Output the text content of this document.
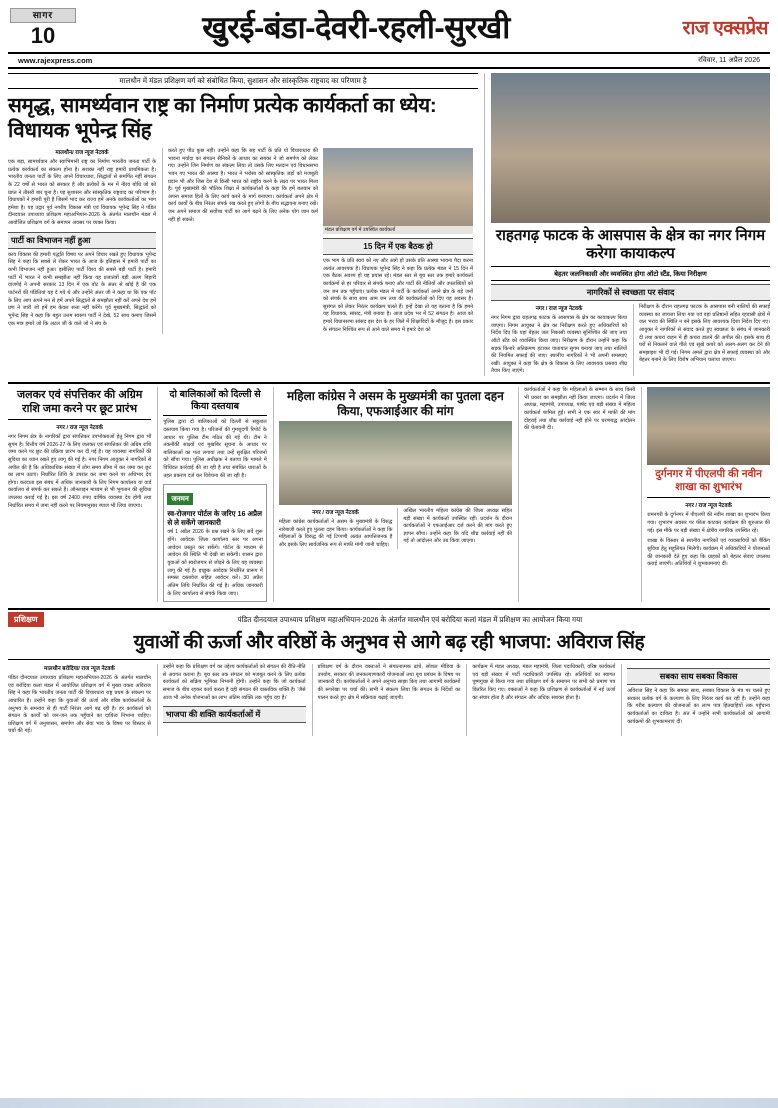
सागर
10	खुरई-बंडा-देवरी-रहली-सुरखी	राज एक्सप्रेस
www.rajexpress.com	रविवार, 11 अप्रैल 2026
मालथौन में मंडल प्रशिक्षण वर्ग को संबोधित किया, सुशासन और सांस्कृतिक राष्ट्रवाद का परिणाम है
समृद्ध, सामर्थ्यवान राष्ट्र का निर्माण प्रत्येक कार्यकर्ता का ध्येय: विधायक भूपेन्द्र सिंह
मालथौन/ राज न्यूज नेटवर्क
एक बड़ा, सामर्थ्यवान और स्वाभिमानी राष्ट्र का निर्माण भारतीय जनता पार्टी के प्रत्येक कार्यकर्ता का संकल्प होना है। सशक्त नहीं राष्ट्र हमारी प्राथमिकता है। भारतीय जनता पार्टी के लिए अपने विचारधारा, सिद्धांतों से समर्पित नहीं संगठन के 22 वर्षों से भारत को सरकार है और प्रत्येकों के मन में नीरव बोधि जो को प्राप्त ने तीसरी बार चुना है। यह सुशासन और सांस्कृतिक राष्ट्रवाद का परिणाम है। विधायकों ने हमारी पूरी है जिसमें भाद कर राज्य हमें अनके कार्यकर्ताओं का भाग हमेशा है। यह उद्गार पूर्व नगरीय विकास मंत्री एवं विधायक भूपेन्द्र सिंह ने पंडित दीनदयाल उपाध्याय प्रशिक्षण महाअभियान-2026 के अंतर्गत मालथौन मंडल में आयोजित प्रशिक्षण वर्ग के समापन अवसर पर व्यक्त किया।
पार्टी का विभाजन नहीं हुआ
काय विकास की हमारी पद्धति विषय पर अपने विचार रखते हुए विधायक भूपेन्द्र सिंह ने कहा कि सबसे ले रोकर भारत के आज के इतिहास में हमारी पार्टी का कभी विभाजन नहीं हुआ। इसीलिए पार्टी विश्व की सबसे बड़ी पार्टी है। हमारी पार्टी में भारत ने कभी समझौता नहीं किया यह प्रजातंत्रों बड़ी अलग बिहारी वाजपेई ने अपनी सरकार 13 दिन में एक वोट के अंतर से खोई है की एक पार्टनरों की पंडितियां यह दे गये थे और उन्होंने अंतर जी ने कहा था कि एक पॉट के लिए आप अपने मन से हमें अपने सिद्धांतों से समझौता नहीं करें अपने देश हमें प्रण ने जारी जो हमें हम केवल सत्ता नहीं करेंगे। पूर्व मुख्यमंत्री, सिद्धांतों को भूपेन्द्र सिंह ने कहा कि बहुत उत्तम स्वरूप पार्टी ने देखे, 52 साथ कमाए जिसमें एक मात्र हमारे जो कि अटल जी के वाले जो ने संघ के
करते हुए पीठ कुछ नहीं। उन्होंने कहा कि सह पार्टी के प्रति यो विचाराधारा की भावना मर्यादा का संगठन सैनिकों के आधार का सबका ने जो समर्पण को लेकर गए। उन्होंने जिन निर्माण का संकल्प लिया तो उसके लिए मतदान एवं विधानसभा भवन गए भारत की आस्था है। भारत ने भरोसा को सांस्कृतिक जड़ों को मजबूती प्रदान भी और जिस देश से किसी भारत को राष्ट्रीय करने के लक्ष्य पर भारत मिला है। पूर्व मुख्यमंत्री की भौतिक शिक्षा में कार्यकर्ताओं के कहा कि हमें बलवान को अपना समाज हितों के लिए कार्य करने के मार्ग बनाएगा। कार्यकर्ता अपने क्षेत्र में कार्य कार्यों के बीच निरंतर संपर्क रख करते हुए लोगों के बीच सद्भावना बनाए रखें। जन अपने समाज की सर्वोच्च पार्टी का आगे बढ़ने के लिए अनेक योग जान कर्म नहीं हो सकते।
मंडल प्रशिक्षण वर्ग में उपस्थित कार्यकर्ता
15 दिन में एक बैठक हो
एक भाग के प्रति स्वयं को नए और आगे हो उसके प्रति आस्था भावना पैदा करना अत्यंत आवश्यक है। विधायक भूपेन्द्र सिंह ने कहा कि प्रत्येक मंडल ने 15 दिन में एक बैठक अवश्य हो यह प्रयास रहे। मंडल स्तर से बूथ स्तर तक हमारे कार्यकर्ता कार्यक्रमों से हर परिवार से संपर्क बनाएं और पार्टी की नीतियों और उपलब्धियों को जन जन तक पहुँचाएं। प्रत्येक मंडल में पार्टी के कार्यकर्ता अपने क्षेत्र के बड़े जनों को संपर्क के साथ साथ आम जन तथा की कार्यकर्ताओं को दिए यह अवसर है। सुसंगत को लेकर निरंतर कार्यक्रम चलते हैं। इन्हें देखा तो यह बताना है कि हमने यह विधायक, सांसद, मंत्री बनाया है। आज प्रदेश भर में 52 संगठन है। आज को हमारे विधानसभा सांसद इस देश के हर जिले में शिक्षाविदों के मौजूद है। इस प्रकार के संगठन निश्चित रूप से आने वाले समय में हमारे देश को
राहतगढ़ फाटक के आसपास के क्षेत्र का नगर निगम करेगा कायाकल्प
बेहतर जलनिकासी और व्यवस्थित होगा ऑटो स्टैंड, किया निरीक्षण
नागरिकों से स्वच्छता पर संवाद
नगर / राज न्यूज नेटवर्क
नगर निगम द्वारा राहतगढ़ फाटक के आसपास के क्षेत्र का कायाकल्प किया जाएगा। निगम आयुक्त ने क्षेत्र का निरीक्षण करते हुए अधिकारियों को निर्देश दिए कि यहां बेहतर जल निकासी व्यवस्था सुनिश्चित की जाए तथा ऑटो स्टैंड को व्यवस्थित किया जाए। निरीक्षण के दौरान उन्होंने कहा कि सड़क किनारे अतिक्रमण हटाकर यातायात सुगम बनाया जाए तथा नालियों की नियमित सफाई की जाए। स्थानीय नागरिकों ने भी अपनी समस्याएं रखीं। आयुक्त ने कहा कि क्षेत्र के विकास के लिए आवश्यक प्रस्ताव शीघ्र तैयार किए जाएंगे।
निरीक्षण के दौरान राहतगढ़ फाटक के आसपास बनी नालियों की सफाई व्यवस्था का जायजा लिया गया एवं वहां प्रतिष्ठानों सहित रहवासी क्षेत्रों में जल भराव की स्थिति न बने इसके लिए आवश्यक दिशा निर्देश दिए गए। आयुक्त ने नागरिकों से संवाद करते हुए स्वच्छता के संबंध में जानकारी दी तथा कचरा वाहन में ही कचरा डालने की अपील की। इसके साथ ही घरों से निकलने वाले गीले एवं सूखे कचरे को अलग-अलग कर देने की समझाइश भी दी गई। निगम अमले द्वारा क्षेत्र में सफाई व्यवस्था को और बेहतर बनाने के लिए विशेष अभियान चलाया जाएगा।
जलकर एवं संपत्तिकर की अग्रिम राशि जमा करने पर छूट प्रारंभ
नगर / राज न्यूज नेटवर्क
नगर निगम क्षेत्र के नागरिकों द्वारा संपत्तिकर उपभोक्ताओं हेतु निगम द्वारा भी सुगम है। वित्तीय वर्ष 2026-27 के लिए जलकर एवं संपत्तिकर की अग्रिम राशि जमा करने पर छूट की प्रक्रिया प्रारंभ कर दी गई है। यह व्यवस्था नागरिकों की सुविधा का ध्यान रखते हुए लागू की गई है। नगर निगम आयुक्त ने नागरिकों से अपील की है कि अधिकाधिक संख्या में लोग समय सीमा में कर जमा कर छूट का लाभ उठाएं। निर्धारित तिथि के उपरांत कर जमा करने पर अधिभार देय होगा। करदाता इस संबंध में अधिक जानकारी के लिए निगम कार्यालय या वार्ड कार्यालय से संपर्क कर सकते हैं। ऑनलाइन माध्यम से भी भुगतान की सुविधा उपलब्ध कराई गई है। इस वर्ष 2400 रुपए वार्षिक व्यवस्था देय होगी तथा निर्धारित समय में जमा नहीं करने पर नियमानुसार ब्याज भी लिया जाएगा।
दो बालिकाओं को दिल्ली से किया दस्तयाब
पुलिस द्वारा दो बालिकाओं को दिल्ली से सकुशल दस्तयाब किया गया है। परिजनों की गुमशुदगी रिपोर्ट के आधार पर पुलिस टीम गठित की गई थी। टीम ने तकनीकी साक्ष्यों एवं मुखबिर सूचना के आधार पर बालिकाओं का पता लगाया तथा उन्हें सुरक्षित परिजनों को सौंपा गया। पुलिस अधीक्षक ने बताया कि मामले में विधिवत कार्रवाई की जा रही है तथा संबंधित धाराओं के तहत प्रकरण दर्ज कर विवेचना की जा रही है।
जनमन
स्व-रोजगार पोर्टल के जरिए 16 अप्रैल से ले सकेंगे जानकारी
वर्ष 1 अप्रैल 2026 के प्रश्न रखने के लिए सर्वे शुरू होंगे। आवेदक जिला कार्यालय स्तर पर अपना आवेदन प्रस्तुत कर सकेंगे। पोर्टल के माध्यम से आवेदन की स्थिति भी देखी जा सकेगी। शासन द्वारा युवाओं को स्वरोजगार से जोड़ने के लिए यह व्यवस्था लागू की गई है। इच्छुक आवेदक निर्धारित प्रारूप में समस्त दस्तावेज सहित आवेदन करें। 30 अप्रैल अंतिम तिथि निर्धारित की गई है। अधिक जानकारी के लिए कार्यालय से संपर्क किया जाए।
महिला कांग्रेस ने असम के मुख्यमंत्री का पुतला दहन किया, एफआईआर की मांग
नगर / राज न्यूज नेटवर्क
महिला कांग्रेस कार्यकर्ताओं ने असम के मुख्यमंत्री के विरुद्ध नारेबाजी करते हुए पुतला दहन किया। कार्यकर्ताओं ने कहा कि महिलाओं के विरुद्ध की गई टिप्पणी अत्यंत आपत्तिजनक है और इसके लिए सार्वजनिक रूप से माफी मांगी जानी चाहिए।
अखिल भारतीय महिला कांग्रेस की जिला अध्यक्ष सहित बड़ी संख्या में कार्यकर्ता उपस्थित रहीं। प्रदर्शन के दौरान कार्यकर्ताओं ने एफआईआर दर्ज करने की मांग करते हुए ज्ञापन सौंपा। उन्होंने कहा कि यदि शीघ्र कार्रवाई नहीं की गई तो आंदोलन और उग्र किया जाएगा।
कार्यकर्ताओं ने कहा कि महिलाओं के सम्मान के साथ किसी भी प्रकार का समझौता नहीं किया जाएगा। प्रदर्शन में जिला अध्यक्ष, महामंत्री, उपाध्यक्ष, पार्षद एवं बड़ी संख्या में महिला कार्यकर्ता शामिल हुईं। सभी ने एक स्वर में माफी की मांग दोहराई तथा शीघ्र कार्रवाई नहीं होने पर चरणबद्ध आंदोलन की चेतावनी दी।
दुर्गनगर में पीएलपी की नवीन शाखा का शुभारंभ
नगर / राज न्यूज नेटवर्क
रामनगरी के दुर्गनगर में पीएलपी की नवीन शाखा का शुभारंभ किया गया। शुभारंभ अवसर पर फीता काटकर कार्यक्रम की शुरुआत की गई। इस मौके पर बड़ी संख्या में क्षेत्रीय नागरिक उपस्थित रहे।
शाखा के विस्तार से स्थानीय नागरिकों एवं व्यवसायियों को बैंकिंग सुविधा हेतु सहूलियत मिलेगी। कार्यक्रम में अधिकारियों ने योजनाओं की जानकारी देते हुए कहा कि ग्राहकों को बेहतर सेवाएं उपलब्ध कराई जाएंगी। अतिथियों ने शुभकामनाएं दीं।
प्रशिक्षण	पंडित दीनदयाल उपाध्याय प्रशिक्षण महाअभियान-2026 के अंतर्गत मालथौन एवं बरोदिया कलां मंडल में प्रशिक्षण का आयोजन किया गया
युवाओं की ऊर्जा और वरिष्ठों के अनुभव से आगे बढ़ रही भाजपा: अविराज सिंह
मालथौन बरोदिया/ राज न्यूज नेटवर्क
पंडित दीनदयाल उपाध्याय प्रशिक्षण महाअभियान-2026 के अंतर्गत मालथौन एवं बरोदिया कलां मंडल में आयोजित प्रशिक्षण वर्ग में मुख्य वक्ता अविराज सिंह ने कहा कि भारतीय जनता पार्टी की विचारधारा राष्ट्र प्रथम के संकल्प पर आधारित है। उन्होंने कहा कि युवाओं की ऊर्जा और वरिष्ठ कार्यकर्ताओं के अनुभव के समन्वय से ही पार्टी निरंतर आगे बढ़ रही है। हर कार्यकर्ता को संगठन के कार्यों को जन-जन तक पहुँचाने का दायित्व निभाना चाहिए। प्रशिक्षण वर्ग में अनुशासन, समर्पण और सेवा भाव के विषय पर विस्तार से चर्चा की गई।
उन्होंने कहा कि प्रशिक्षण वर्ग का उद्देश्य कार्यकर्ताओं को संगठन की रीति-नीति से अवगत कराना है। बूथ स्तर तक संगठन को मजबूत करने के लिए प्रत्येक कार्यकर्ता को सक्रिय भूमिका निभानी होगी। उन्होंने कहा कि जो कार्यकर्ता समाज के बीच रहकर कार्य करता है वही संगठन की वास्तविक शक्ति है। 'जैसे आज भी अनेक योजनाओं का लाभ अंतिम व्यक्ति तक पहुँच रहा है।'
भाजपा की शक्ति कार्यकर्ताओं में
प्रशिक्षण वर्ग के दौरान वक्ताओं ने संगठनात्मक ढांचे, सोशल मीडिया के उपयोग, सरकार की जनकल्याणकारी योजनाओं तथा बूथ प्रबंधन के विषय पर जानकारी दी। कार्यकर्ताओं ने अपने अनुभव साझा किए तथा आगामी कार्यक्रमों की रूपरेखा पर चर्चा की। सभी ने संकल्प लिया कि संगठन के निर्देशों का पालन करते हुए क्षेत्र में सक्रियता बढ़ाई जाएगी।
कार्यक्रम में मंडल अध्यक्ष, मंडल महामंत्री, जिला पदाधिकारी, वरिष्ठ कार्यकर्ता एवं बड़ी संख्या में पार्टी पदाधिकारी उपस्थित रहे। अतिथियों का स्वागत पुष्पगुच्छ से किया गया तथा प्रशिक्षण वर्ग के समापन पर सभी को प्रमाण पत्र वितरित किए गए। वक्ताओं ने कहा कि प्रशिक्षण से कार्यकर्ताओं में नई ऊर्जा का संचार होता है और संगठन और अधिक सशक्त होता है।
सबका साथ सबका विकास
अविराज सिंह ने कहा कि सबका साथ, सबका विकास के मंत्र पर चलते हुए सरकार प्रत्येक वर्ग के कल्याण के लिए निरंतर कार्य कर रही है। उन्होंने कहा कि गरीब कल्याण की योजनाओं का लाभ पात्र हितग्राहियों तक पहुँचाना कार्यकर्ताओं का दायित्व है। अंत में उन्होंने सभी कार्यकर्ताओं को आगामी कार्यक्रमों की शुभकामनाएं दीं।
